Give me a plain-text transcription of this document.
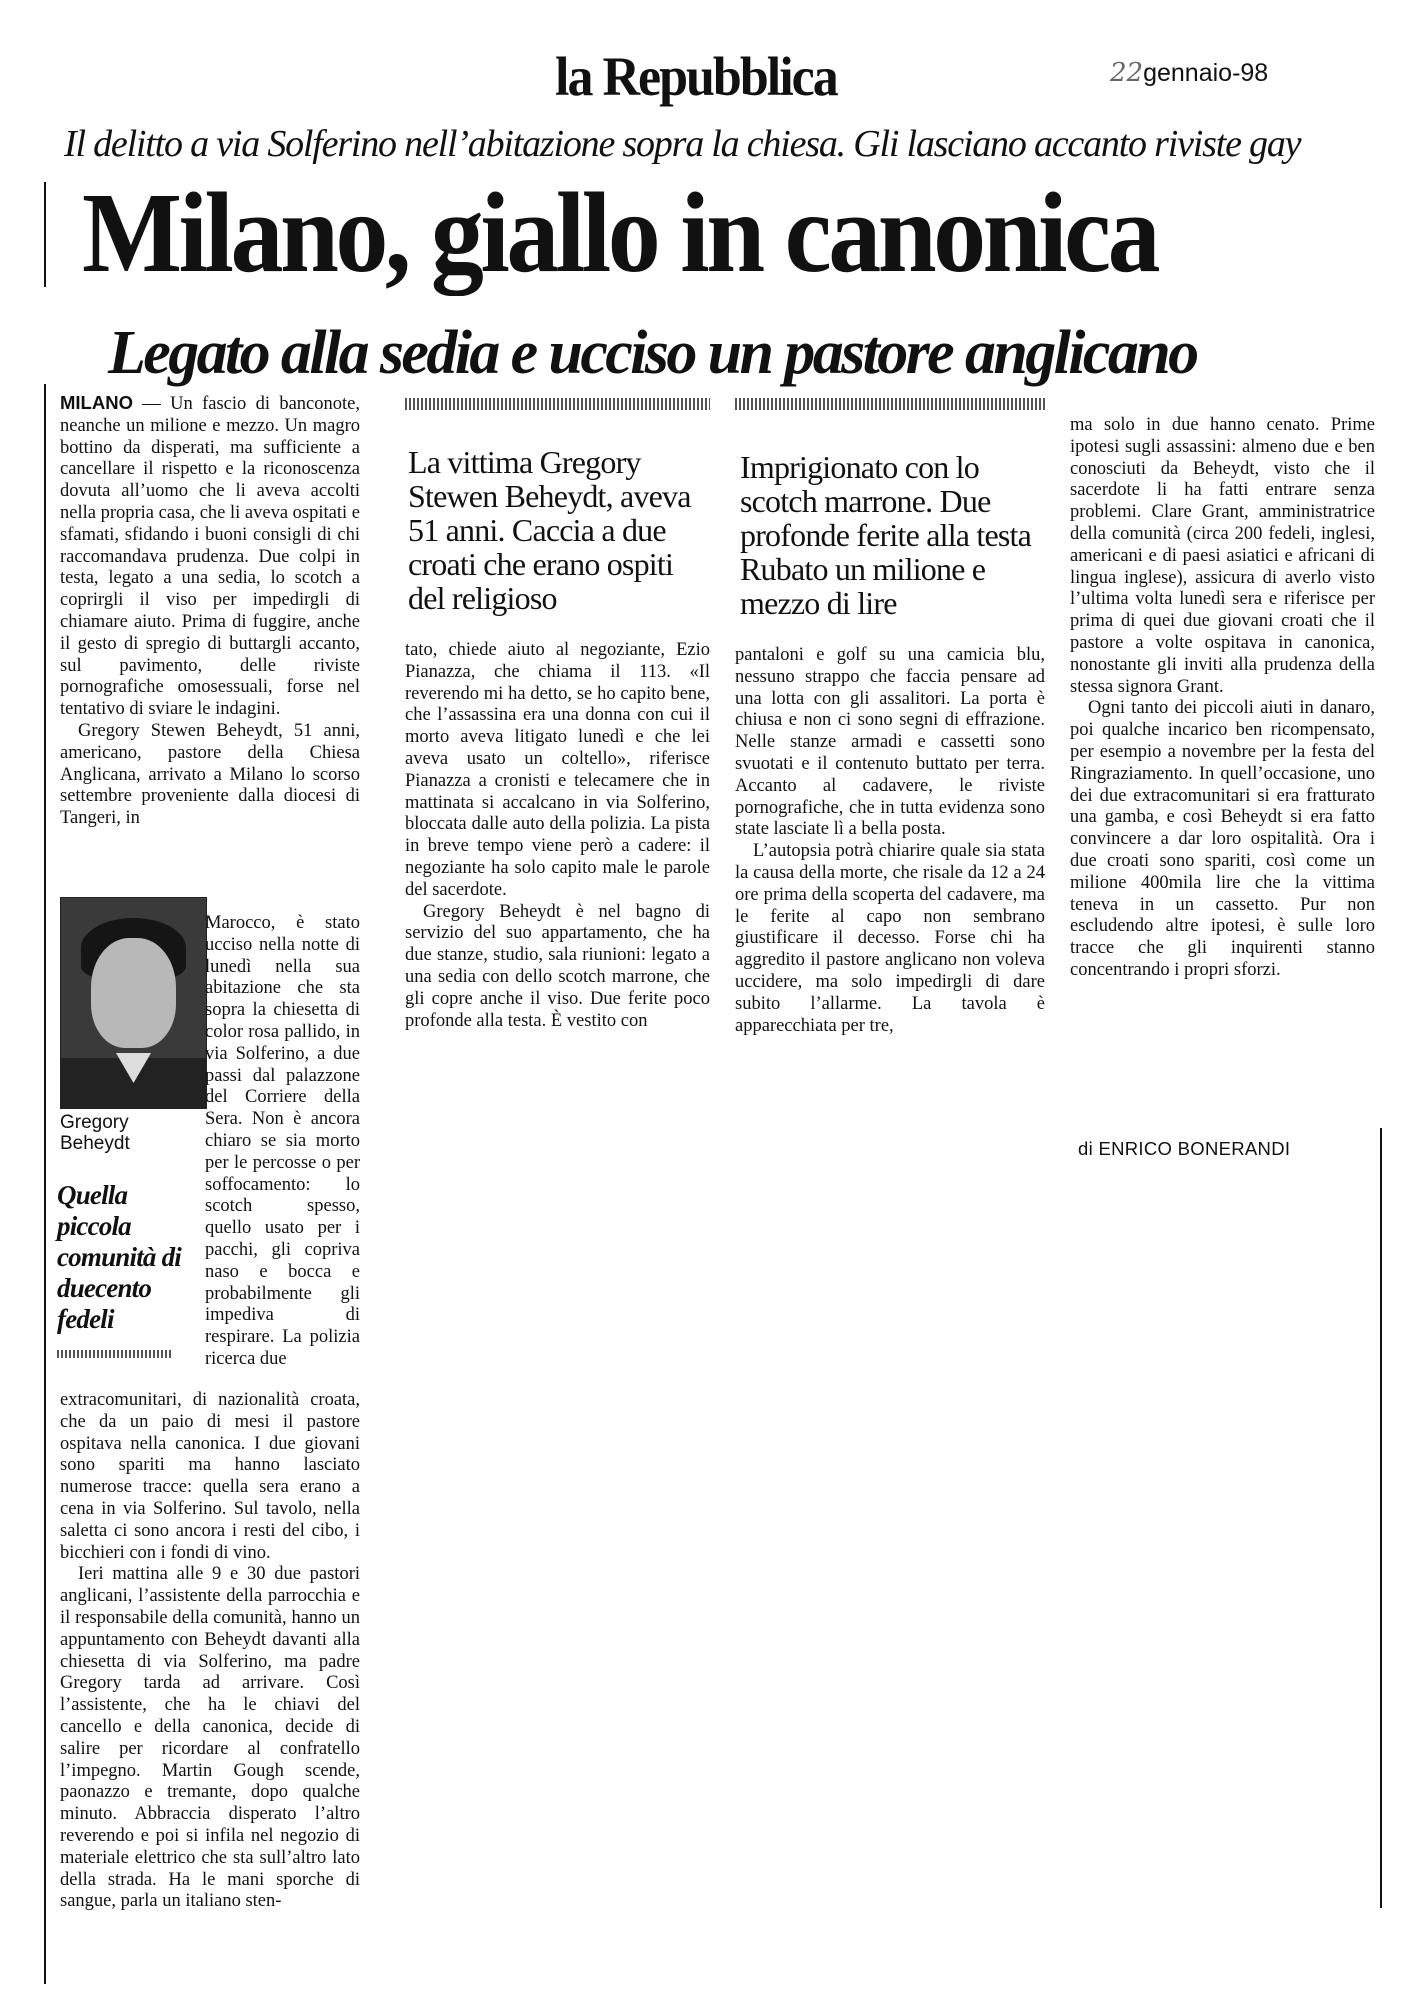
la Repubblica	22gennaio-98
Il delitto a via Solferino nell’abitazione sopra la chiesa. Gli lasciano accanto riviste gay
Milano, giallo in canonica
Legato alla sedia e ucciso un pastore anglicano

MILANO — Un fascio di banconote, neanche un milione e mezzo. Un magro bottino da disperati, ma sufficiente a cancellare il rispetto e la riconoscenza dovuta all’uomo che li aveva accolti nella propria casa, che li aveva ospitati e sfamati, sfidando i buoni consigli di chi raccomandava prudenza. Due colpi in testa, legato a una sedia, lo scotch a coprirgli il viso per impedirgli di chiamare aiuto. Prima di fuggire, anche il gesto di spregio di buttargli accanto, sul pavimento, delle riviste pornografiche omosessuali, forse nel tentativo di sviare le indagini.

Gregory Stewen Beheydt, 51 anni, americano, pastore della Chiesa Anglicana, arrivato a Milano lo scorso settembre proveniente dalla diocesi di Tangeri, in

Gregory Beheydt
Quella piccola comunità di duecento fedeli

Marocco, è stato ucciso nella notte di lunedì nella sua abitazione che sta sopra la chiesetta di color rosa pallido, in via Solferino, a due passi dal palazzone del Corriere della Sera. Non è ancora chiaro se sia morto per le percosse o per soffocamento: lo scotch spesso, quello usato per i pacchi, gli copriva naso e bocca e probabilmente gli impediva di respirare. La polizia ricerca due

extracomunitari, di nazionalità croata, che da un paio di mesi il pastore ospitava nella canonica. I due giovani sono spariti ma hanno lasciato numerose tracce: quella sera erano a cena in via Solferino. Sul tavolo, nella saletta ci sono ancora i resti del cibo, i bicchieri con i fondi di vino.

Ieri mattina alle 9 e 30 due pastori anglicani, l’assistente della parrocchia e il responsabile della comunità, hanno un appuntamento con Beheydt davanti alla chiesetta di via Solferino, ma padre Gregory tarda ad arrivare. Così l’assistente, che ha le chiavi del cancello e della canonica, decide di salire per ricordare al confratello l’impegno. Martin Gough scende, paonazzo e tremante, dopo qualche minuto. Abbraccia disperato l’altro reverendo e poi si infila nel negozio di materiale elettrico che sta sull’altro lato della strada. Ha le mani sporche di sangue, parla un italiano sten-

La vittima Gregory Stewen Beheydt, aveva 51 anni. Caccia a due croati che erano ospiti del religioso

tato, chiede aiuto al negoziante, Ezio Pianazza, che chiama il 113. «Il reverendo mi ha detto, se ho capito bene, che l’assassina era una donna con cui il morto aveva litigato lunedì e che lei aveva usato un coltello», riferisce Pianazza a cronisti e telecamere che in mattinata si accalcano in via Solferino, bloccata dalle auto della polizia. La pista in breve tempo viene però a cadere: il negoziante ha solo capito male le parole del sacerdote.

Gregory Beheydt è nel bagno di servizio del suo appartamento, che ha due stanze, studio, sala riunioni: legato a una sedia con dello scotch marrone, che gli copre anche il viso. Due ferite poco profonde alla testa. È vestito con

Imprigionato con lo scotch marrone. Due profonde ferite alla testa Rubato un milione e mezzo di lire

pantaloni e golf su una camicia blu, nessuno strappo che faccia pensare ad una lotta con gli assalitori. La porta è chiusa e non ci sono segni di effrazione. Nelle stanze armadi e cassetti sono svuotati e il contenuto buttato per terra. Accanto al cadavere, le riviste pornografiche, che in tutta evidenza sono state lasciate lì a bella posta.

L’autopsia potrà chiarire quale sia stata la causa della morte, che risale da 12 a 24 ore prima della scoperta del cadavere, ma le ferite al capo non sembrano giustificare il decesso. Forse chi ha aggredito il pastore anglicano non voleva uccidere, ma solo impedirgli di dare subito l’allarme. La tavola è apparecchiata per tre,

ma solo in due hanno cenato. Prime ipotesi sugli assassini: almeno due e ben conosciuti da Beheydt, visto che il sacerdote li ha fatti entrare senza problemi. Clare Grant, amministratrice della comunità (circa 200 fedeli, inglesi, americani e di paesi asiatici e africani di lingua inglese), assicura di averlo visto l’ultima volta lunedì sera e riferisce per prima di quei due giovani croati che il pastore a volte ospitava in canonica, nonostante gli inviti alla prudenza della stessa signora Grant.

Ogni tanto dei piccoli aiuti in danaro, poi qualche incarico ben ricompensato, per esempio a novembre per la festa del Ringraziamento. In quell’occasione, uno dei due extracomunitari si era fratturato una gamba, e così Beheydt si era fatto convincere a dar loro ospitalità. Ora i due croati sono spariti, così come un milione 400mila lire che la vittima teneva in un cassetto. Pur non escludendo altre ipotesi, è sulle loro tracce che gli inquirenti stanno concentrando i propri sforzi.

di ENRICO BONERANDI
